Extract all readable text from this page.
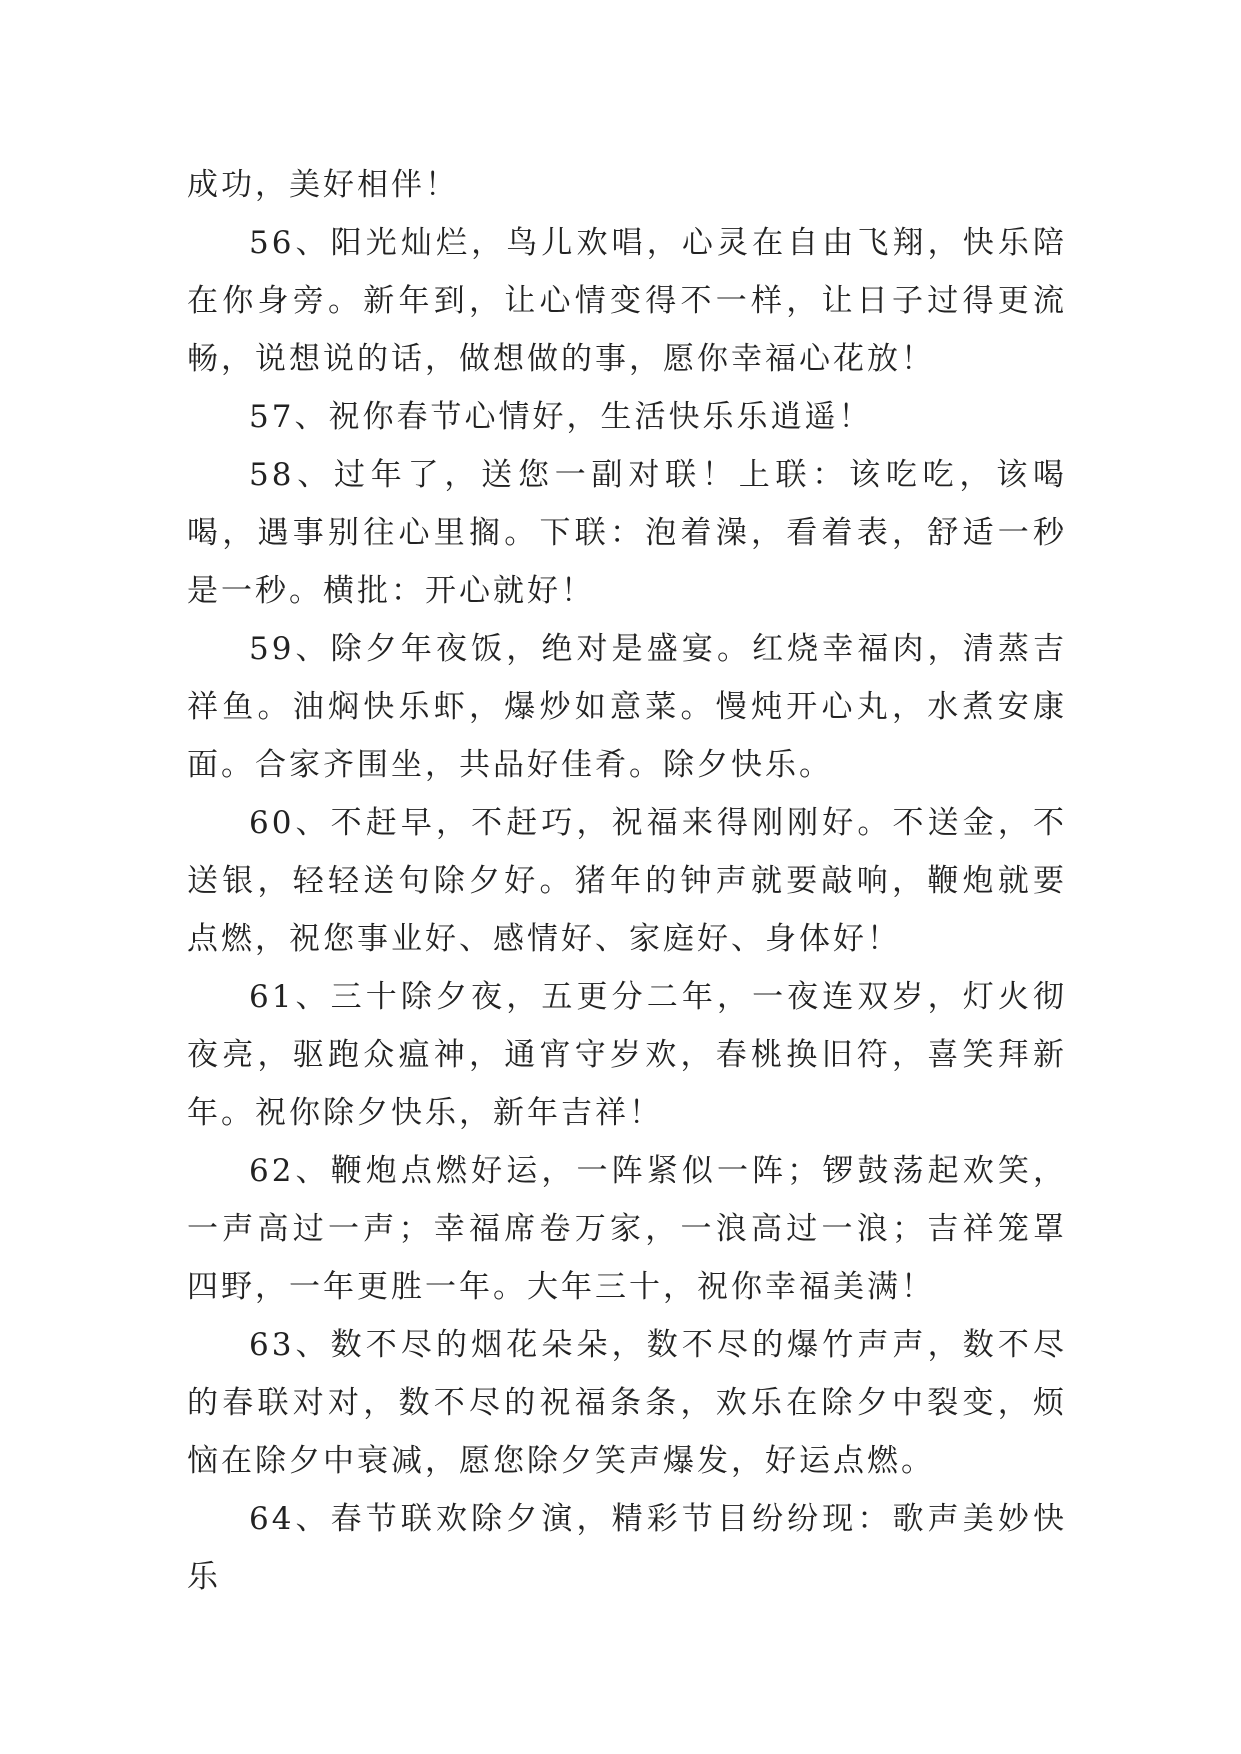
成功，美好相伴！

56、阳光灿烂，鸟儿欢唱，心灵在自由飞翔，快乐陪在你身旁。新年到，让心情变得不一样，让日子过得更流畅，说想说的话，做想做的事，愿你幸福心花放！

57、祝你春节心情好，生活快乐乐逍遥！

58、过年了，送您一副对联！上联：该吃吃，该喝喝，遇事别往心里搁。下联：泡着澡，看着表，舒适一秒是一秒。横批：开心就好！

59、除夕年夜饭，绝对是盛宴。红烧幸福肉，清蒸吉祥鱼。油焖快乐虾，爆炒如意菜。慢炖开心丸，水煮安康面。合家齐围坐，共品好佳肴。除夕快乐。

60、不赶早，不赶巧，祝福来得刚刚好。不送金，不送银，轻轻送句除夕好。猪年的钟声就要敲响，鞭炮就要点燃，祝您事业好、感情好、家庭好、身体好！

61、三十除夕夜，五更分二年，一夜连双岁，灯火彻夜亮，驱跑众瘟神，通宵守岁欢，春桃换旧符，喜笑拜新年。祝你除夕快乐，新年吉祥！

62、鞭炮点燃好运，一阵紧似一阵；锣鼓荡起欢笑，一声高过一声；幸福席卷万家，一浪高过一浪；吉祥笼罩四野，一年更胜一年。大年三十，祝你幸福美满！

63、数不尽的烟花朵朵，数不尽的爆竹声声，数不尽的春联对对，数不尽的祝福条条，欢乐在除夕中裂变，烦恼在除夕中衰减，愿您除夕笑声爆发，好运点燃。

64、春节联欢除夕演，精彩节目纷纷现：歌声美妙快乐
